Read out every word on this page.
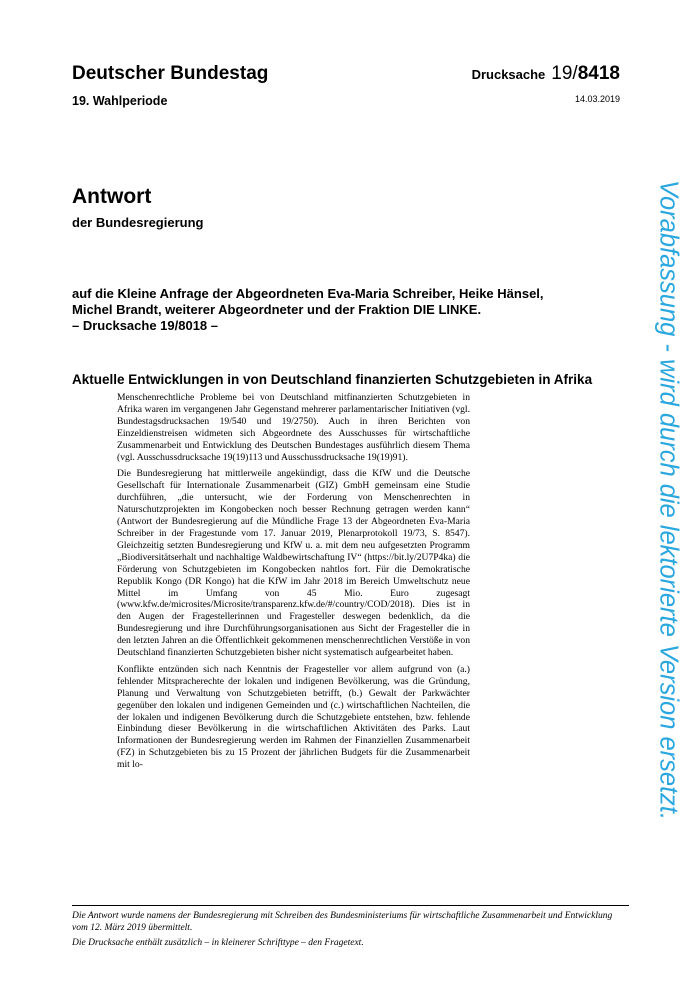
Deutscher Bundestag
19. Wahlperiode
Drucksache 19/8418
14.03.2019
Antwort
der Bundesregierung
auf die Kleine Anfrage der Abgeordneten Eva-Maria Schreiber, Heike Hänsel,
Michel Brandt, weiterer Abgeordneter und der Fraktion DIE LINKE.
– Drucksache 19/8018 –
Aktuelle Entwicklungen in von Deutschland finanzierten Schutzgebieten in Afrika

Menschenrechtliche Probleme bei von Deutschland mitfinanzierten Schutzgebieten in Afrika waren im vergangenen Jahr Gegenstand mehrerer parlamentarischer Initiativen (vgl. Bundestagsdrucksachen 19/540 und 19/2750). Auch in ihren Berichten von Einzeldienstreisen widmeten sich Abgeordnete des Ausschusses für wirtschaftliche Zusammenarbeit und Entwicklung des Deutschen Bundestages ausführlich diesem Thema (vgl. Ausschussdrucksache 19(19)113 und Ausschussdrucksache 19(19)91).

Die Bundesregierung hat mittlerweile angekündigt, dass die KfW und die Deutsche Gesellschaft für Internationale Zusammenarbeit (GIZ) GmbH gemeinsam eine Studie durchführen, „die untersucht, wie der Forderung von Menschenrechten in Naturschutzprojekten im Kongobecken noch besser Rechnung getragen werden kann“ (Antwort der Bundesregierung auf die Mündliche Frage 13 der Abgeordneten Eva-Maria Schreiber in der Fragestunde vom 17. Januar 2019, Plenarprotokoll 19/73, S. 8547). Gleichzeitig setzten Bundesregierung und KfW u. a. mit dem neu aufgesetzten Programm „Biodiversitätserhalt und nachhaltige Waldbewirtschaftung IV“ (https://bit.ly/2U7P4ka) die Förderung von Schutzgebieten im Kongobecken nahtlos fort. Für die Demokratische Republik Kongo (DR Kongo) hat die KfW im Jahr 2018 im Bereich Umweltschutz neue Mittel im Umfang von 45 Mio. Euro zugesagt (www.kfw.de/microsites/Microsite/transparenz.kfw.de/#/country/COD/2018). Dies ist in den Augen der Fragestellerinnen und Fragesteller deswegen bedenklich, da die Bundesregierung und ihre Durchführungsorganisationen aus Sicht der Fragesteller die in den letzten Jahren an die Öffentlichkeit gekommenen menschenrechtlichen Verstöße in von Deutschland finanzierten Schutzgebieten bisher nicht systematisch aufgearbeitet haben.

Konflikte entzünden sich nach Kenntnis der Fragesteller vor allem aufgrund von (a.) fehlender Mitspracherechte der lokalen und indigenen Bevölkerung, was die Gründung, Planung und Verwaltung von Schutzgebieten betrifft, (b.) Gewalt der Parkwächter gegenüber den lokalen und indigenen Gemeinden und (c.) wirtschaftlichen Nachteilen, die der lokalen und indigenen Bevölkerung durch die Schutzgebiete entstehen, bzw. fehlende Einbindung dieser Bevölkerung in die wirtschaftlichen Aktivitäten des Parks. Laut Informationen der Bundesregierung werden im Rahmen der Finanziellen Zusammenarbeit (FZ) in Schutzgebieten bis zu 15 Prozent der jährlichen Budgets für die Zusammenarbeit mit lo-	Vorabfassung - wird durch die lektorierte Version ersetzt.

Die Antwort wurde namens der Bundesregierung mit Schreiben des Bundesministeriums für wirtschaftliche Zusammenarbeit und Entwicklung vom 12. März 2019 übermittelt.

Die Drucksache enthält zusätzlich – in kleinerer Schrifttype – den Fragetext.
